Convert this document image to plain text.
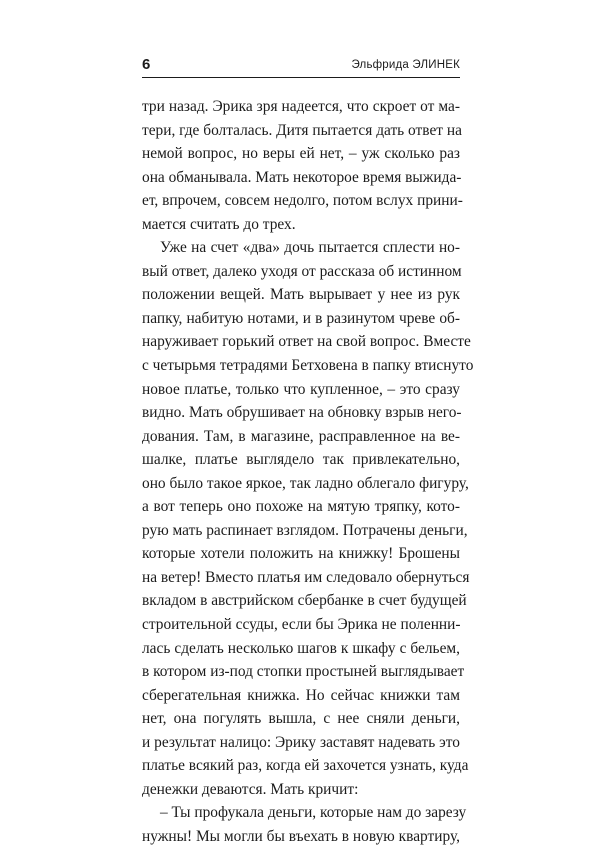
6	Эльфрида ЭЛИНЕК
три назад. Эрика зря надеется, что скроет от ма-
тери, где болталась. Дитя пытается дать ответ на
немой вопрос, но веры ей нет, – уж сколько раз
она обманывала. Мать некоторое время выжида-
ет, впрочем, совсем недолго, потом вслух прини-
мается считать до трех.
Уже на счет «два» дочь пытается сплести но-
вый ответ, далеко уходя от рассказа об истинном
положении вещей. Мать вырывает у нее из рук
папку, набитую нотами, и в разинутом чреве об-
наруживает горький ответ на свой вопрос. Вместе
с четырьмя тетрадями Бетховена в папку втиснуто
новое платье, только что купленное, – это сразу
видно. Мать обрушивает на обновку взрыв него-
дования. Там, в магазине, расправленное на ве-
шалке, платье выглядело так привлекательно,
оно было такое яркое, так ладно облегало фигуру,
а вот теперь оно похоже на мятую тряпку, кото-
рую мать распинает взглядом. Потрачены деньги,
которые хотели положить на книжку! Брошены
на ветер! Вместо платья им следовало обернуться
вкладом в австрийском сбербанке в счет будущей
строительной ссуды, если бы Эрика не поленни-
лась сделать несколько шагов к шкафу с бельем,
в котором из-под стопки простыней выглядывает
сберегательная книжка. Но сейчас книжки там
нет, она погулять вышла, с нее сняли деньги,
и результат налицо: Эрику заставят надевать это
платье всякий раз, когда ей захочется узнать, куда
денежки деваются. Мать кричит:
– Ты профукала деньги, которые нам до зарезу
нужны! Мы могли бы въехать в новую квартиру,
